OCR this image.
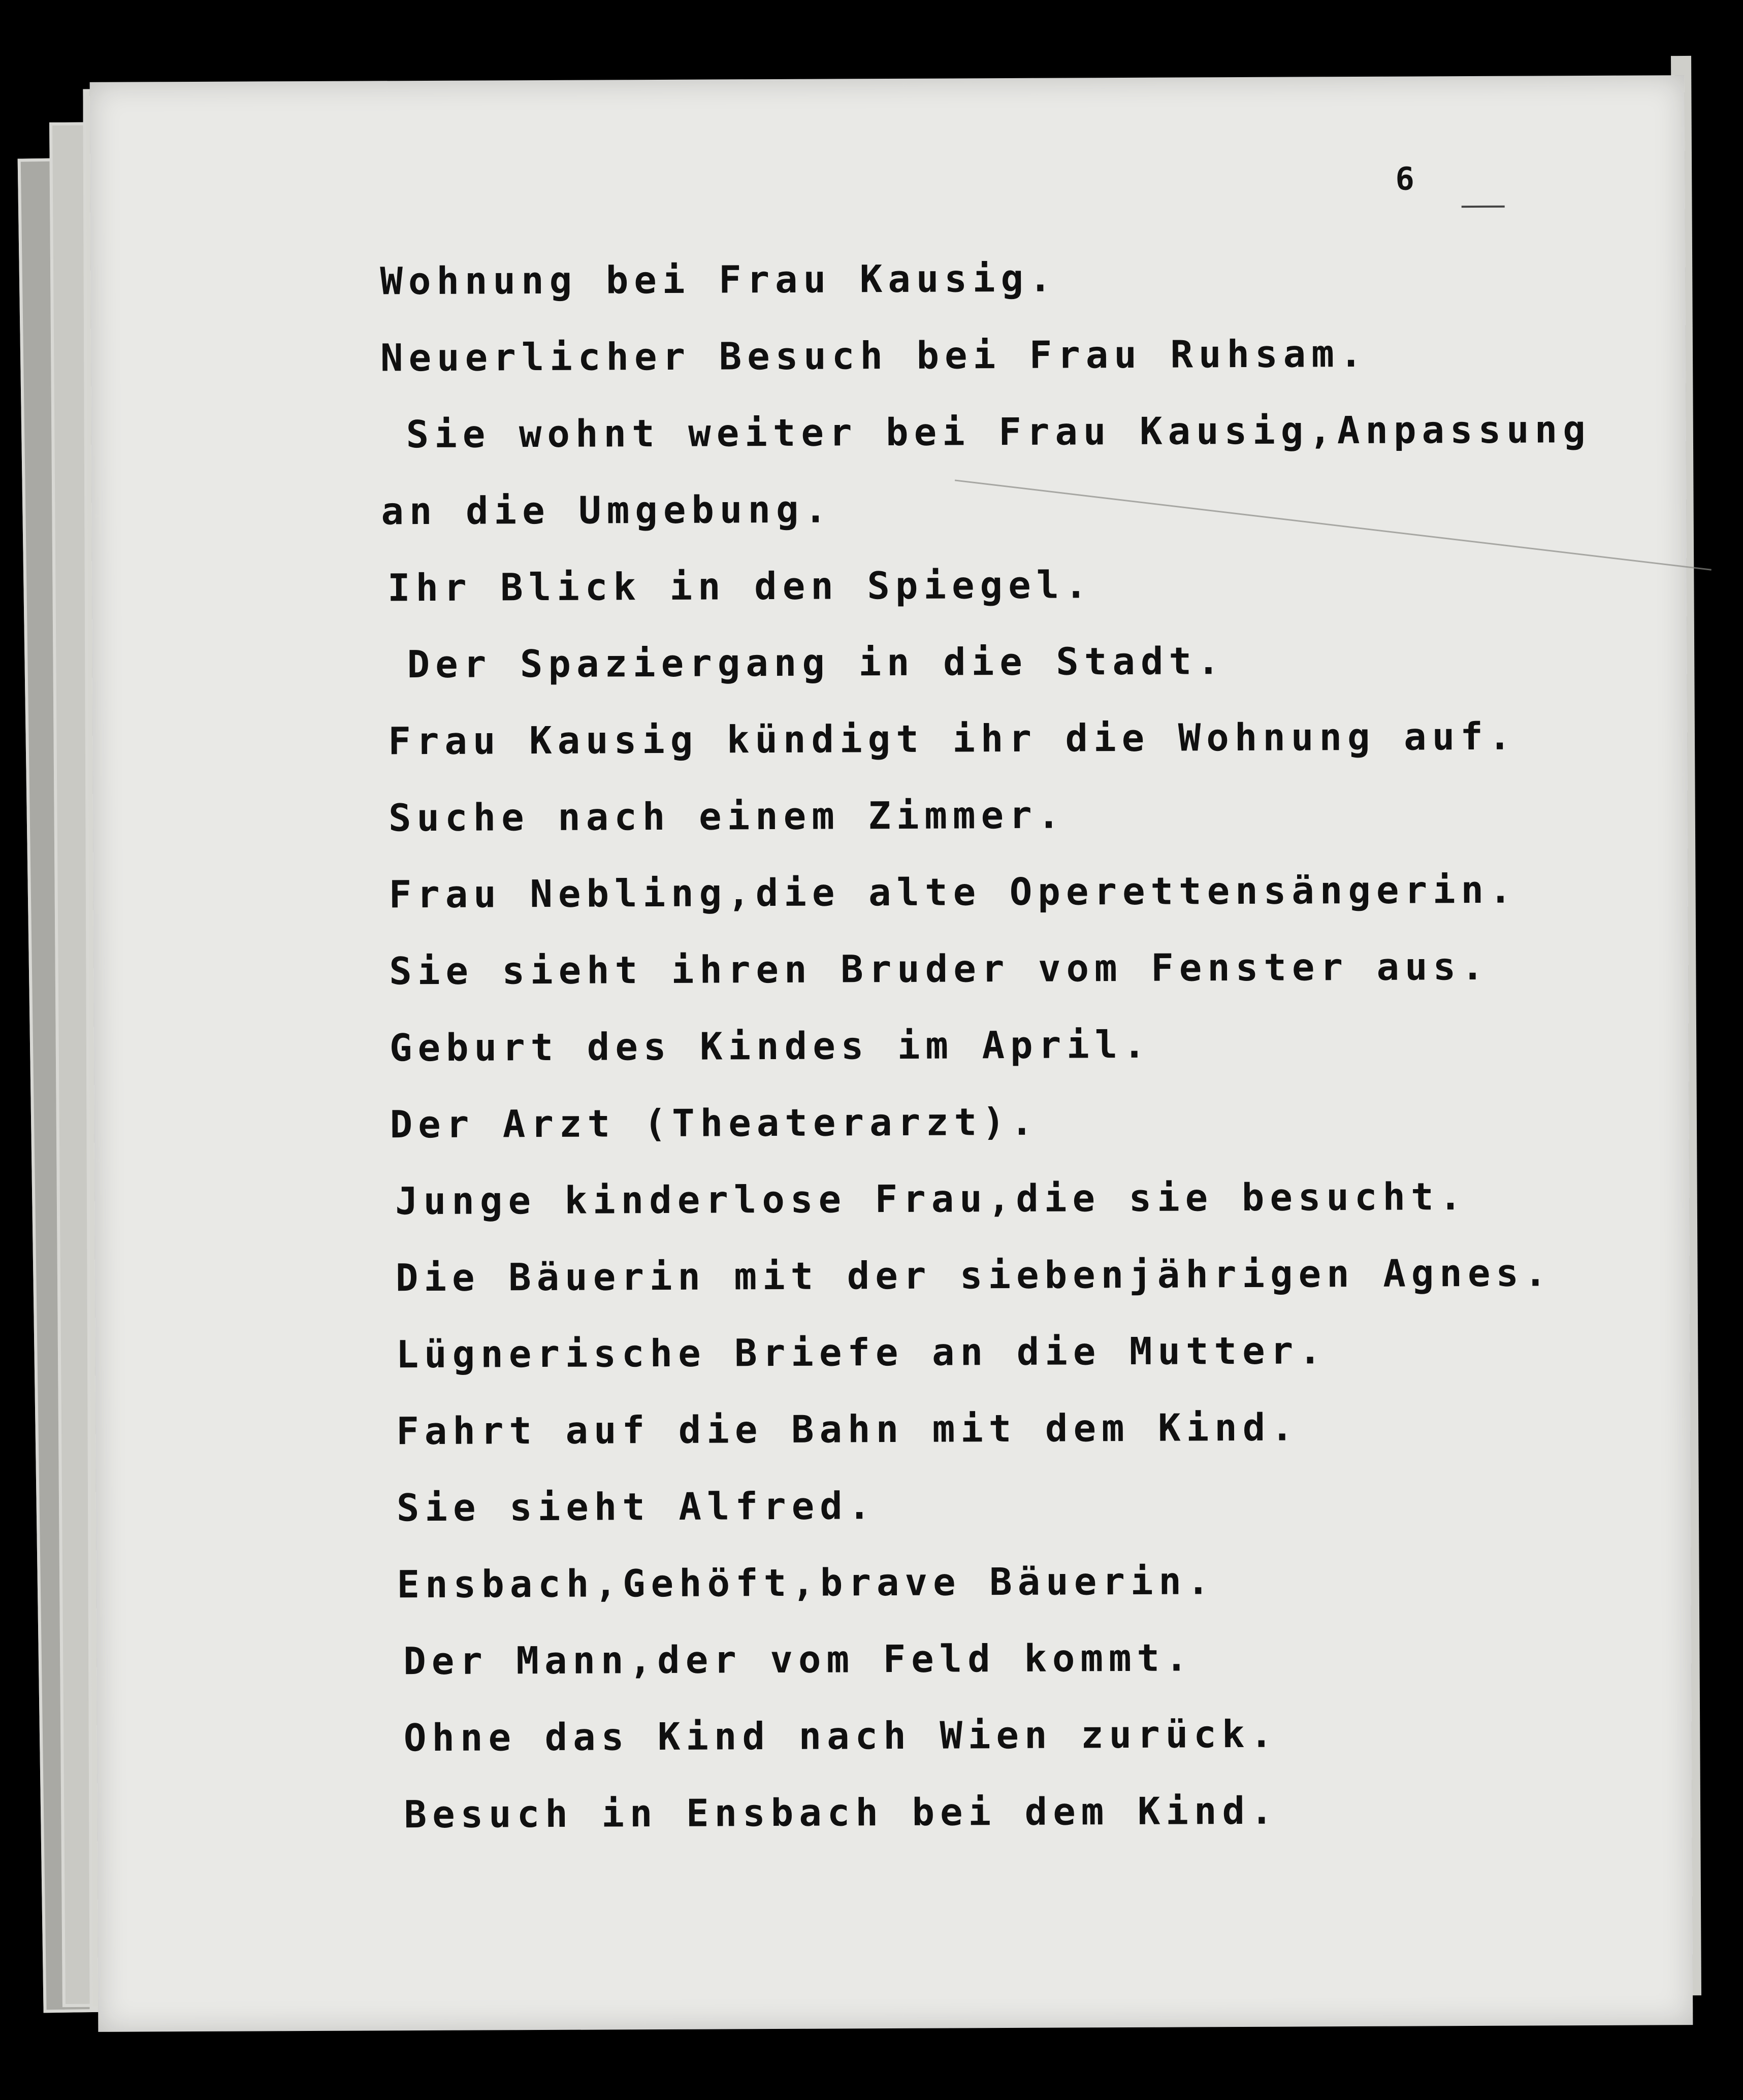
6
Wohnung bei Frau Kausig.
Neuerlicher Besuch bei Frau Ruhsam.
Sie wohnt weiter bei Frau Kausig,Anpassung
an die Umgebung.
Ihr Blick in den Spiegel.
Der Spaziergang in die Stadt.
Frau Kausig kündigt ihr die Wohnung auf.
Suche nach einem Zimmer.
Frau Nebling,die alte Operettensängerin.
Sie sieht ihren Bruder vom Fenster aus.
Geburt des Kindes im April.
Der Arzt (Theaterarzt).
Junge kinderlose Frau,die sie besucht.
Die Bäuerin mit der siebenjährigen Agnes.
Lügnerische Briefe an die Mutter.
Fahrt auf die Bahn mit dem Kind.
Sie sieht Alfred.
Ensbach,Gehöft,brave Bäuerin.
Der Mann,der vom Feld kommt.
Ohne das Kind nach Wien zurück.
Besuch in Ensbach bei dem Kind.
